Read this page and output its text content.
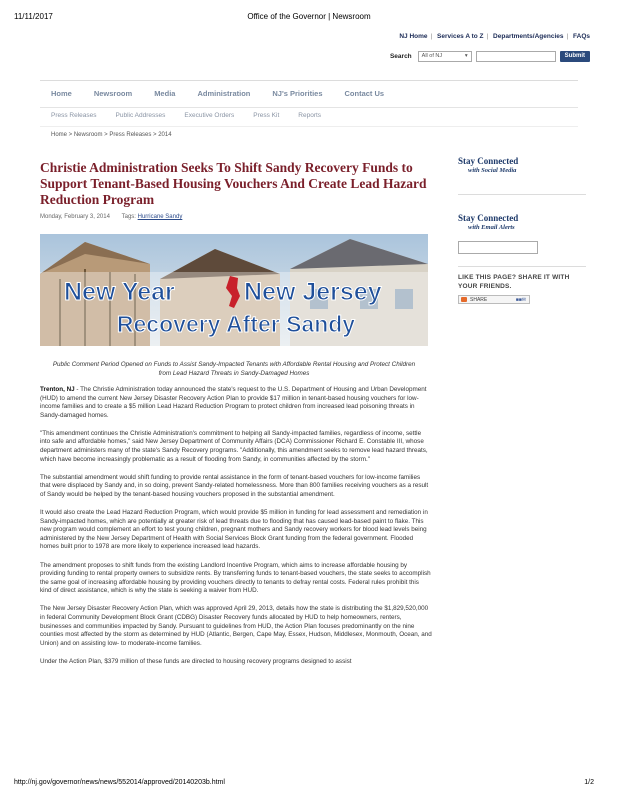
11/11/2017	Office of the Governor | Newsroom
NJ Home | Services A to Z | Departments/Agencies | FAQs
Search All of NJ	▾	Submit
Home	Newsroom	Media	Administration	NJ's Priorities	Contact Us
Press Releases	Public Addresses	Executive Orders	Press Kit	Reports
Home > Newsroom > Press Releases > 2014
Christie Administration Seeks To Shift Sandy Recovery Funds to Support Tenant-Based Housing Vouchers And Create Lead Hazard Reduction Program
Monday, February 3, 2014 Tags: Hurricane Sandy
New Year	New Jersey
Recovery After Sandy
Public Comment Period Opened on Funds to Assist Sandy-Impacted Tenants with Affordable Rental Housing and Protect Children from Lead Hazard Threats in Sandy-Damaged Homes

Trenton, NJ - The Christie Administration today announced the state's request to the U.S. Department of Housing and Urban Development (HUD) to amend the current New Jersey Disaster Recovery Action Plan to provide $17 million in tenant-based housing vouchers for low-income families and to create a $5 million Lead Hazard Reduction Program to protect children from increased lead poisoning threats in Sandy-damaged homes.

"This amendment continues the Christie Administration's commitment to helping all Sandy-impacted families, regardless of income, settle into safe and affordable homes," said New Jersey Department of Community Affairs (DCA) Commissioner Richard E. Constable III, whose department administers many of the state's Sandy Recovery programs. "Additionally, this amendment seeks to remove lead hazard threats, which have become increasingly problematic as a result of flooding from Sandy, in communities affected by the storm."

The substantial amendment would shift funding to provide rental assistance in the form of tenant-based vouchers for low-income families that were displaced by Sandy and, in so doing, prevent Sandy-related homelessness. More than 800 families receiving vouchers as a result of Sandy would be helped by the tenant-based housing vouchers proposed in the substantial amendment.

It would also create the Lead Hazard Reduction Program, which would provide $5 million in funding for lead assessment and remediation in Sandy-impacted homes, which are potentially at greater risk of lead threats due to flooding that has caused lead-based paint to flake. This new program would complement an effort to test young children, pregnant mothers and Sandy recovery workers for blood lead levels being administered by the New Jersey Department of Health with Social Services Block Grant funding from the federal government. Flooded homes built prior to 1978 are more likely to experience increased lead hazards.

The amendment proposes to shift funds from the existing Landlord Incentive Program, which aims to increase affordable housing by providing funding to rental property owners to subsidize rents. By transferring funds to tenant-based vouchers, the state seeks to accomplish the same goal of increasing affordable housing by providing vouchers directly to tenants to defray rental costs. Federal rules prohibit this kind of direct assistance, which is why the state is seeking a waiver from HUD.

The New Jersey Disaster Recovery Action Plan, which was approved April 29, 2013, details how the state is distributing the $1,829,520,000 in federal Community Development Block Grant (CDBG) Disaster Recovery funds allocated by HUD to help homeowners, renters, businesses and communities impacted by Sandy. Pursuant to guidelines from HUD, the Action Plan focuses predominantly on the nine counties most affected by the storm as determined by HUD (Atlantic, Bergen, Cape May, Essex, Hudson, Middlesex, Monmouth, Ocean, and Union) and on assisting low- to moderate-income families.

Under the Action Plan, $379 million of these funds are directed to housing recovery programs designed to assist

Stay Connected
with Social Media
Stay Connected
with Email Alerts
LIKE THIS PAGE? SHARE IT WITH YOUR FRIENDS.
SHARE	■■✉
http://nj.gov/governor/news/news/552014/approved/20140203b.html	1/2
